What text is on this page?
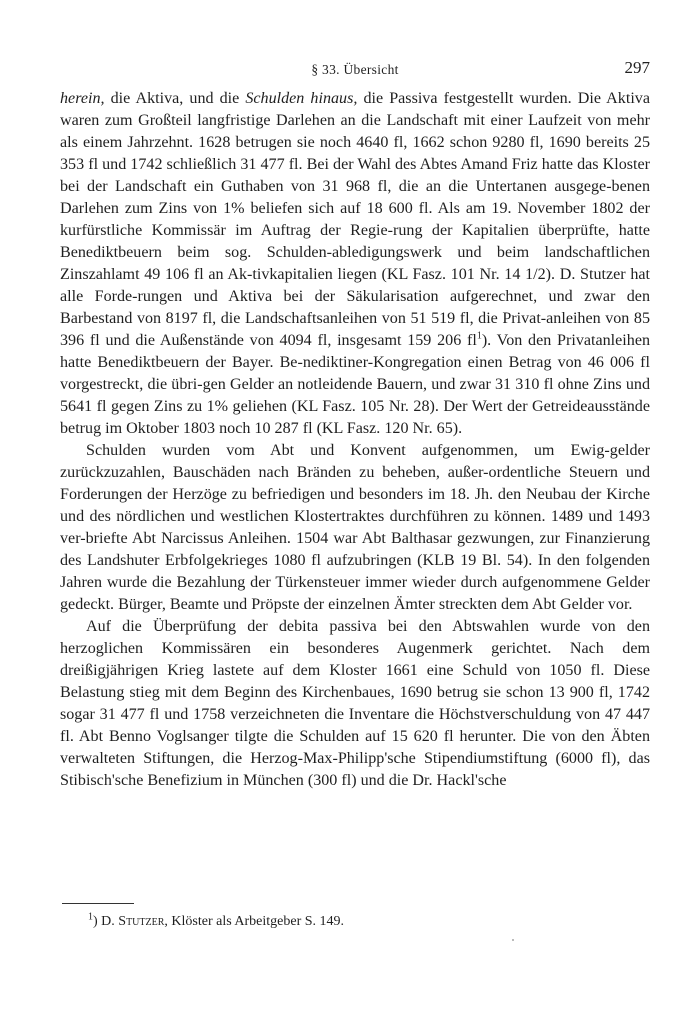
§ 33. Übersicht	297

herein, die Aktiva, und die Schulden hinaus, die Passiva festgestellt wurden. Die Aktiva waren zum Großteil langfristige Darlehen an die Landschaft mit einer Laufzeit von mehr als einem Jahrzehnt. 1628 betrugen sie noch 4640 fl, 1662 schon 9280 fl, 1690 bereits 25 353 fl und 1742 schließlich 31 477 fl. Bei der Wahl des Abtes Amand Friz hatte das Kloster bei der Landschaft ein Guthaben von 31 968 fl, die an die Untertanen ausgege-benen Darlehen zum Zins von 1% beliefen sich auf 18 600 fl. Als am 19. November 1802 der kurfürstliche Kommissär im Auftrag der Regie-rung der Kapitalien überprüfte, hatte Benediktbeuern beim sog. Schulden-abledigungswerk und beim landschaftlichen Zinszahlamt 49 106 fl an Ak-tivkapitalien liegen (KL Fasz. 101 Nr. 14 1/2). D. Stutzer hat alle Forde-rungen und Aktiva bei der Säkularisation aufgerechnet, und zwar den Barbestand von 8197 fl, die Landschaftsanleihen von 51 519 fl, die Privat-anleihen von 85 396 fl und die Außenstände von 4094 fl, insgesamt 159 206 $fl^1$). Von den Privatanleihen hatte Benediktbeuern der Bayer. Be-nediktiner-Kongregation einen Betrag von 46 006 fl vorgestreckt, die übri-gen Gelder an notleidende Bauern, und zwar 31 310 fl ohne Zins und 5641 fl gegen Zins zu 1% geliehen (KL Fasz. 105 Nr. 28). Der Wert der Getreideausstände betrug im Oktober 1803 noch 10 287 fl (KL Fasz. 120 Nr. 65).

Schulden wurden vom Abt und Konvent aufgenommen, um Ewig-gelder zurückzuzahlen, Bauschäden nach Bränden zu beheben, außer-ordentliche Steuern und Forderungen der Herzöge zu befriedigen und besonders im 18. Jh. den Neubau der Kirche und des nördlichen und westlichen Klostertraktes durchführen zu können. 1489 und 1493 ver-briefte Abt Narcissus Anleihen. 1504 war Abt Balthasar gezwungen, zur Finanzierung des Landshuter Erbfolgekrieges 1080 fl aufzubringen (KLB 19 Bl. 54). In den folgenden Jahren wurde die Bezahlung der Türkensteuer immer wieder durch aufgenommene Gelder gedeckt. Bürger, Beamte und Pröpste der einzelnen Ämter streckten dem Abt Gelder vor.

Auf die Überprüfung der debita passiva bei den Abtswahlen wurde von den herzoglichen Kommissären ein besonderes Augenmerk gerichtet. Nach dem dreißigjährigen Krieg lastete auf dem Kloster 1661 eine Schuld von 1050 fl. Diese Belastung stieg mit dem Beginn des Kirchenbaues, 1690 betrug sie schon 13 900 fl, 1742 sogar 31 477 fl und 1758 verzeichneten die Inventare die Höchstverschuldung von 47 447 fl. Abt Benno Voglsanger tilgte die Schulden auf 15 620 fl herunter. Die von den Äbten verwalteten Stiftungen, die Herzog-Max-Philipp'sche Stipendiumstiftung (6000 fl), das Stibisch'sche Benefizium in München (300 fl) und die Dr. Hackl'sche

$^1$) D. Stutzer, Klöster als Arbeitgeber S. 149.
